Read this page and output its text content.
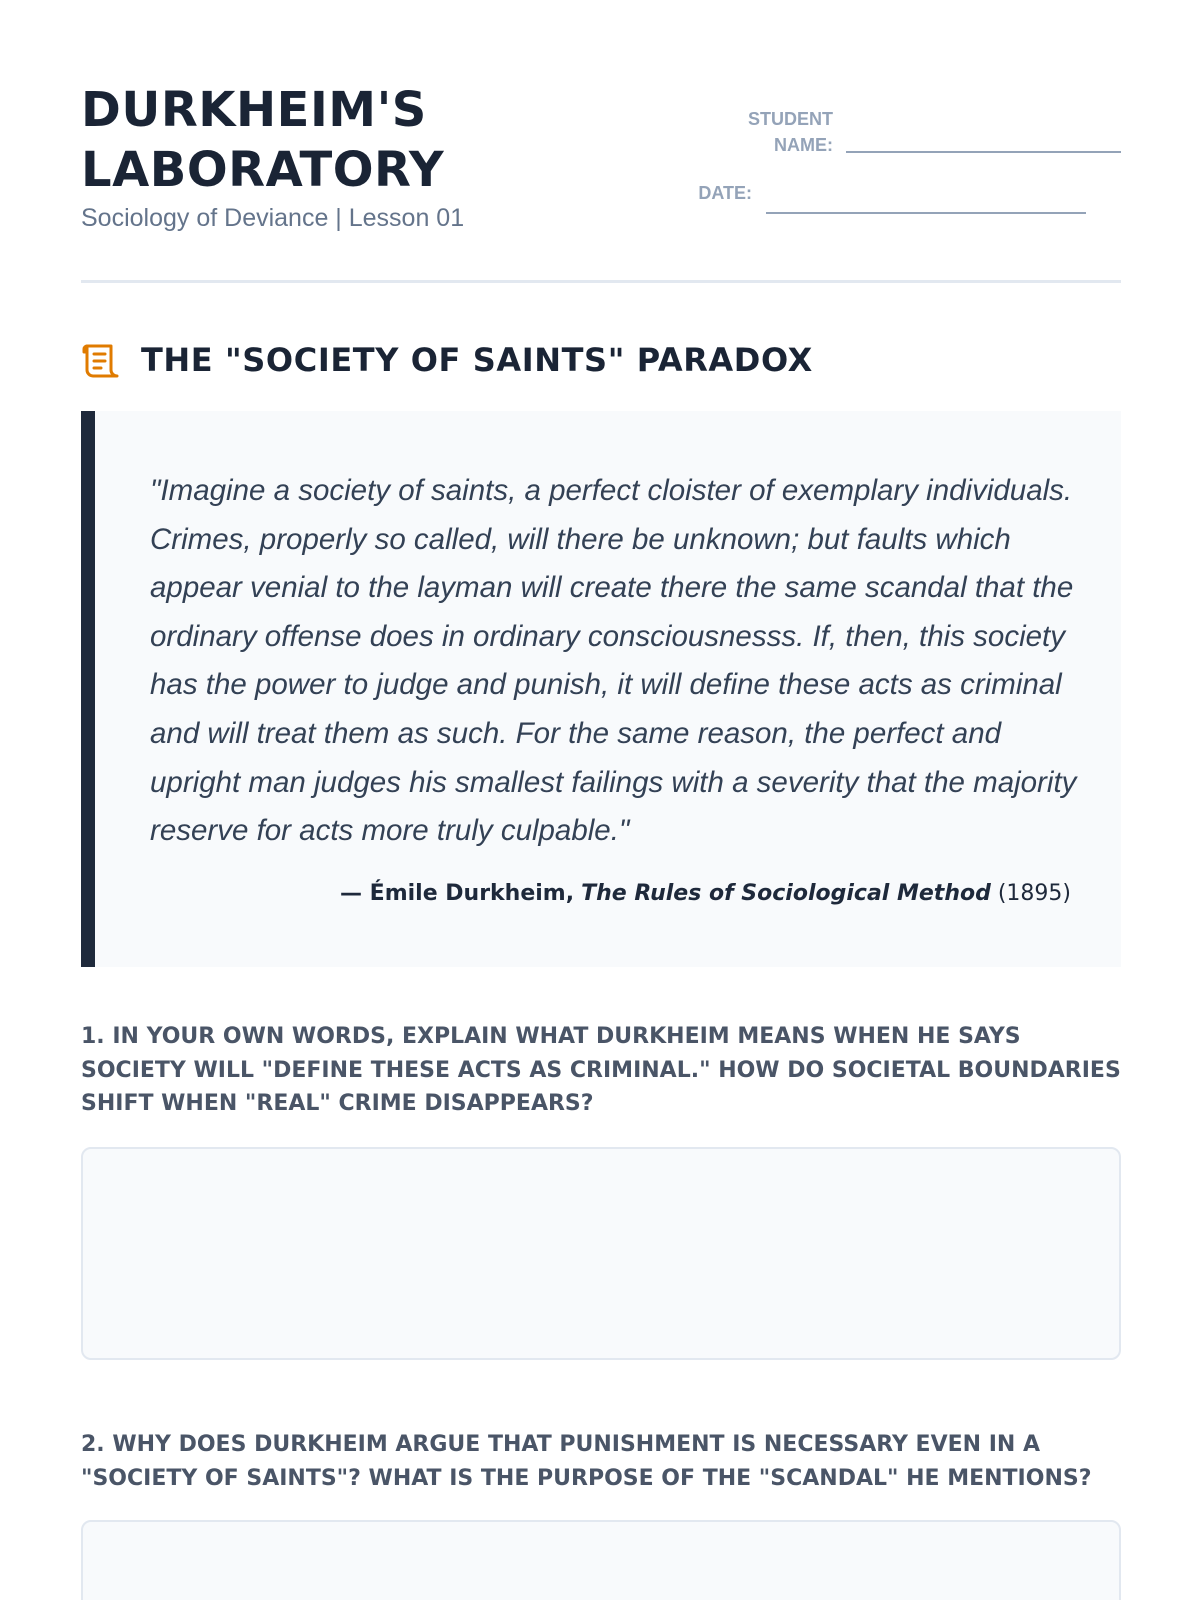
DURKHEIM'S LABORATORY
Sociology of Deviance | Lesson 01
STUDENT NAME:
DATE:
THE "SOCIETY OF SAINTS" PARADOX

"Imagine a society of saints, a perfect cloister of exemplary individuals. Crimes, properly so called, will there be unknown; but faults which appear venial to the layman will create there the same scandal that the ordinary offense does in ordinary consciousnesss. If, then, this society has the power to judge and punish, it will define these acts as criminal and will treat them as such. For the same reason, the perfect and upright man judges his smallest failings with a severity that the majority reserve for acts more truly culpable."

— Émile Durkheim, The Rules of Sociological Method (1895)
1. IN YOUR OWN WORDS, EXPLAIN WHAT DURKHEIM MEANS WHEN HE SAYS SOCIETY WILL "DEFINE THESE ACTS AS CRIMINAL." HOW DO SOCIETAL BOUNDARIES SHIFT WHEN "REAL" CRIME DISAPPEARS?
2. WHY DOES DURKHEIM ARGUE THAT PUNISHMENT IS NECESSARY EVEN IN A "SOCIETY OF SAINTS"? WHAT IS THE PURPOSE OF THE "SCANDAL" HE MENTIONS?
